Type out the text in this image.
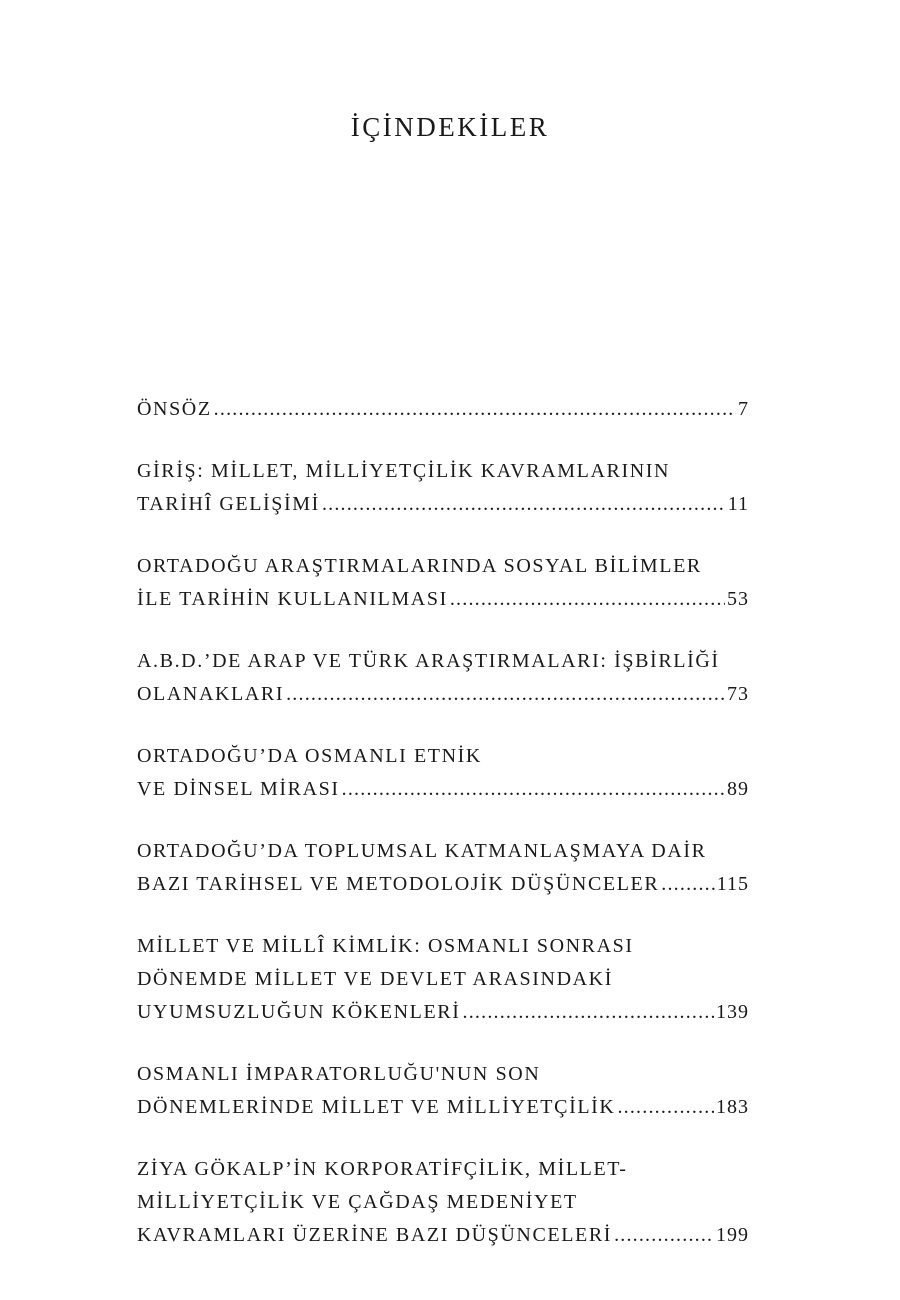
İÇİNDEKİLER
ÖNSÖZ .....	7
GİRİŞ: MİLLET, MİLLİYETÇİLİK KAVRAMLARININ
TARİHÎ GELİŞİMİ .....	11
ORTADOĞU ARAŞTIRMALARINDA SOSYAL BİLİMLER
İLE TARİHİN KULLANILMASI .....	53
A.B.D.’DE ARAP VE TÜRK ARAŞTIRMALARI: İŞBİRLİĞİ
OLANAKLARI .....	73
ORTADOĞU’DA OSMANLI ETNİK
VE DİNSEL MİRASI .....	89
ORTADOĞU’DA TOPLUMSAL KATMANLAŞMAYA DAİR
BAZI TARİHSEL VE METODOLOJİK DÜŞÜNCELER .....	115
MİLLET VE MİLLÎ KİMLİK: OSMANLI SONRASI
DÖNEMDE MİLLET VE DEVLET ARASINDAKİ
UYUMSUZLUĞUN KÖKENLERİ .....	139
OSMANLI İMPARATORLUĞU'NUN SON
DÖNEMLERİNDE MİLLET VE MİLLİYETÇİLİK .....	183
ZİYA GÖKALP’İN KORPORATİFÇİLİK, MİLLET-
MİLLİYETÇİLİK VE ÇAĞDAŞ MEDENİYET
KAVRAMLARI ÜZERİNE BAZI DÜŞÜNCELERİ .....	199
